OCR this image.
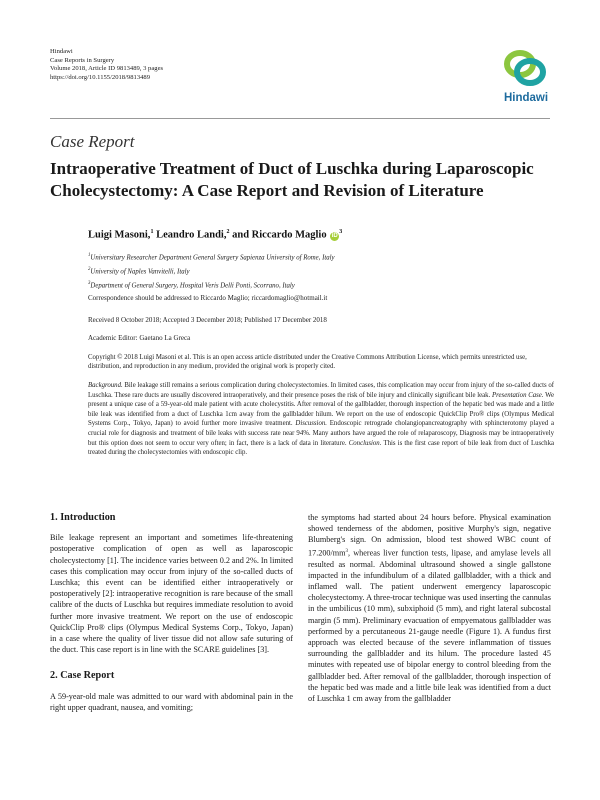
Hindawi
Case Reports in Surgery
Volume 2018, Article ID 9813489, 3 pages
https://doi.org/10.1155/2018/9813489
Hindawi
Case Report
Intraoperative Treatment of Duct of Luschka during Laparoscopic Cholecystectomy: A Case Report and Revision of Literature
Luigi Masoni,$^1$ Leandro Landi,$^2$ and Riccardo Maglio $iD^3$
$^1$Universitary Researcher Department General Surgery Sapienza University of Rome, Italy
$^2$University of Naples Vanvitelli, Italy
$^3$Department of General Surgery, Hospital Veris Delli Ponti, Scorrano, Italy
Correspondence should be addressed to Riccardo Maglio; riccardomaglio@hotmail.it
Received 8 October 2018; Accepted 3 December 2018; Published 17 December 2018
Academic Editor: Gaetano La Greca
Copyright © 2018 Luigi Masoni et al. This is an open access article distributed under the Creative Commons Attribution License, which permits unrestricted use, distribution, and reproduction in any medium, provided the original work is properly cited.
Background. Bile leakage still remains a serious complication during cholecystectomies. In limited cases, this complication may occur from injury of the so-called ducts of Luschka. These rare ducts are usually discovered intraoperatively, and their presence poses the risk of bile injury and clinically significant bile leak. Presentation Case. We present a unique case of a 59-year-old male patient with acute cholecystitis. After removal of the gallbladder, thorough inspection of the hepatic bed was made and a little bile leak was identified from a duct of Luschka 1cm away from the gallbladder hilum. We report on the use of endoscopic QuickClip Pro® clips (Olympus Medical Systems Corp., Tokyo, Japan) to avoid further more invasive treatment. Discussion. Endoscopic retrograde cholangiopancreatography with sphincterotomy played a crucial role for diagnosis and treatment of bile leaks with success rate near 94%. Many authors have argued the role of relaparoscopy, Diagnosis may be intraoperatively but this option does not seem to occur very often; in fact, there is a lack of data in literature. Conclusion. This is the first case report of bile leak from duct of Luschka treated during the cholecystectomies with endoscopic clip.
1. Introduction

Bile leakage represent an important and sometimes life-threatening postoperative complication of open as well as laparoscopic cholecystectomy [1]. The incidence varies between 0.2 and 2%. In limited cases this complication may occur from injury of the so-called ducts of Luschka; this event can be identified either intraoperatively or postoperatively [2]: intraoperative recognition is rare because of the small calibre of the ducts of Luschka but requires immediate resolution to avoid further more invasive treatment. We report on the use of endoscopic QuickClip Pro® clips (Olympus Medical Systems Corp., Tokyo, Japan) in a case where the quality of liver tissue did not allow safe suturing of the duct. This case report is in line with the SCARE guidelines [3].

2. Case Report

A 59-year-old male was admitted to our ward with abdominal pain in the right upper quadrant, nausea, and vomiting;

the symptoms had started about 24 hours before. Physical examination showed tenderness of the abdomen, positive Murphy's sign, negative Blumberg's sign. On admission, blood test showed WBC count of $17.200/mm^3$, whereas liver function tests, lipase, and amylase levels all resulted as normal. Abdominal ultrasound showed a single gallstone impacted in the infundibulum of a dilated gallbladder, with a thick and inflamed wall. The patient underwent emergency laparoscopic cholecystectomy. A three-trocar technique was used inserting the cannulas in the umbilicus (10 mm), subxiphoid (5 mm), and right lateral subcostal margin (5 mm). Preliminary evacuation of empyematous gallbladder was performed by a percutaneous 21-gauge needle (Figure 1). A fundus first approach was elected because of the severe inflammation of tissues surrounding the gallbladder and its hilum. The procedure lasted 45 minutes with repeated use of bipolar energy to control bleeding from the gallbladder bed. After removal of the gallbladder, thorough inspection of the hepatic bed was made and a little bile leak was identified from a duct of Luschka 1 cm away from the gallbladder
